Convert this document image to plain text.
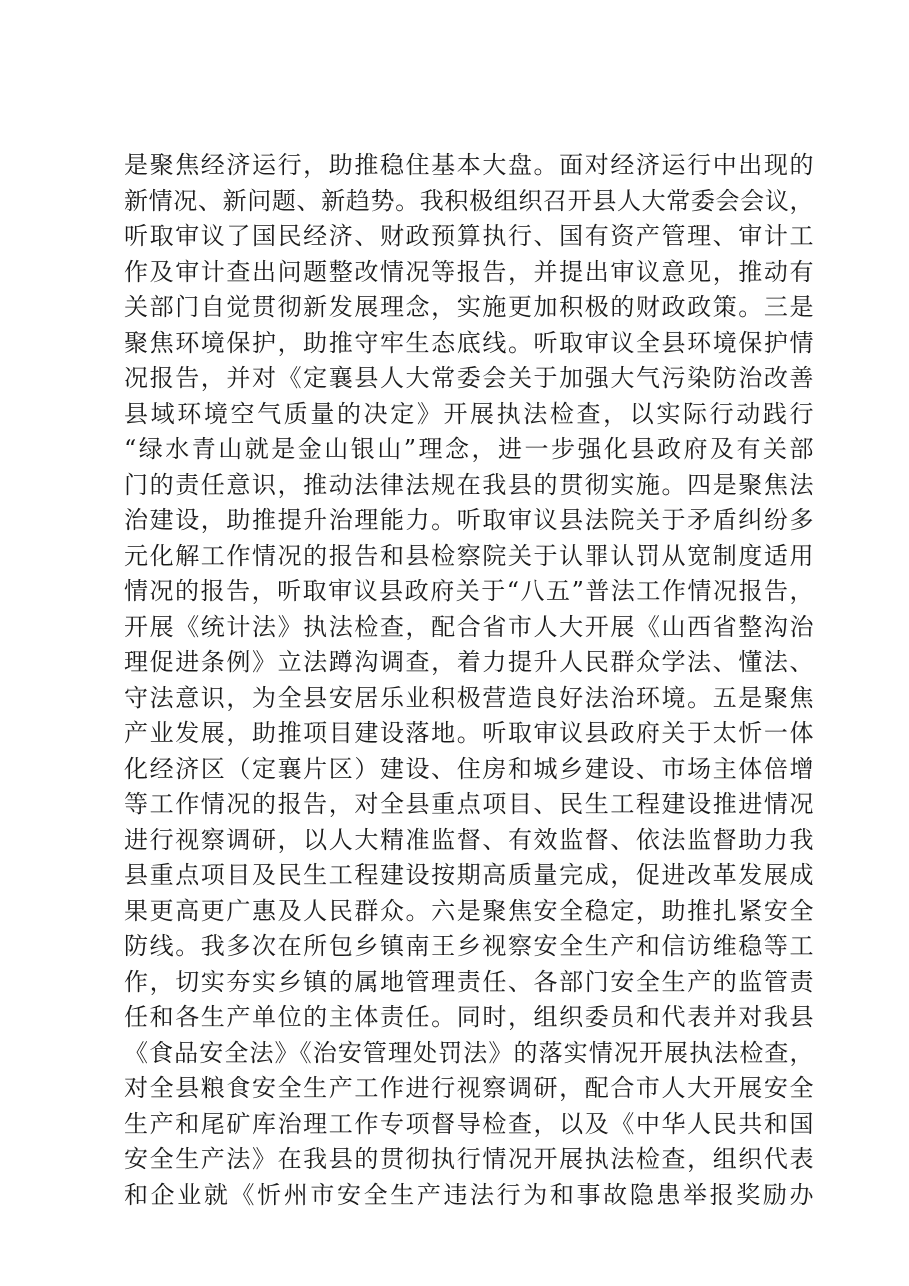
是聚焦经济运行，助推稳住基本大盘。面对经济运行中出现的
新情况、新问题、新趋势。我积极组织召开县人大常委会会议，
听取审议了国民经济、财政预算执行、国有资产管理、审计工
作及审计查出问题整改情况等报告，并提出审议意见，推动有
关部门自觉贯彻新发展理念，实施更加积极的财政政策。三是
聚焦环境保护，助推守牢生态底线。听取审议全县环境保护情
况报告，并对《定襄县人大常委会关于加强大气污染防治改善
县域环境空气质量的决定》开展执法检查，以实际行动践行
“绿水青山就是金山银山”理念，进一步强化县政府及有关部
门的责任意识，推动法律法规在我县的贯彻实施。四是聚焦法
治建设，助推提升治理能力。听取审议县法院关于矛盾纠纷多
元化解工作情况的报告和县检察院关于认罪认罚从宽制度适用
情况的报告，听取审议县政府关于“八五”普法工作情况报告，
开展《统计法》执法检查，配合省市人大开展《山西省整沟治
理促进条例》立法蹲沟调查，着力提升人民群众学法、懂法、
守法意识，为全县安居乐业积极营造良好法治环境。五是聚焦
产业发展，助推项目建设落地。听取审议县政府关于太忻一体
化经济区（定襄片区）建设、住房和城乡建设、市场主体倍增
等工作情况的报告，对全县重点项目、民生工程建设推进情况
进行视察调研，以人大精准监督、有效监督、依法监督助力我
县重点项目及民生工程建设按期高质量完成，促进改革发展成
果更高更广惠及人民群众。六是聚焦安全稳定，助推扎紧安全
防线。我多次在所包乡镇南王乡视察安全生产和信访维稳等工
作，切实夯实乡镇的属地管理责任、各部门安全生产的监管责
任和各生产单位的主体责任。同时，组织委员和代表并对我县
《食品安全法》《治安管理处罚法》的落实情况开展执法检查，
对全县粮食安全生产工作进行视察调研，配合市人大开展安全
生产和尾矿库治理工作专项督导检查，以及《中华人民共和国
安全生产法》在我县的贯彻执行情况开展执法检查，组织代表
和企业就《忻州市安全生产违法行为和事故隐患举报奖励办
